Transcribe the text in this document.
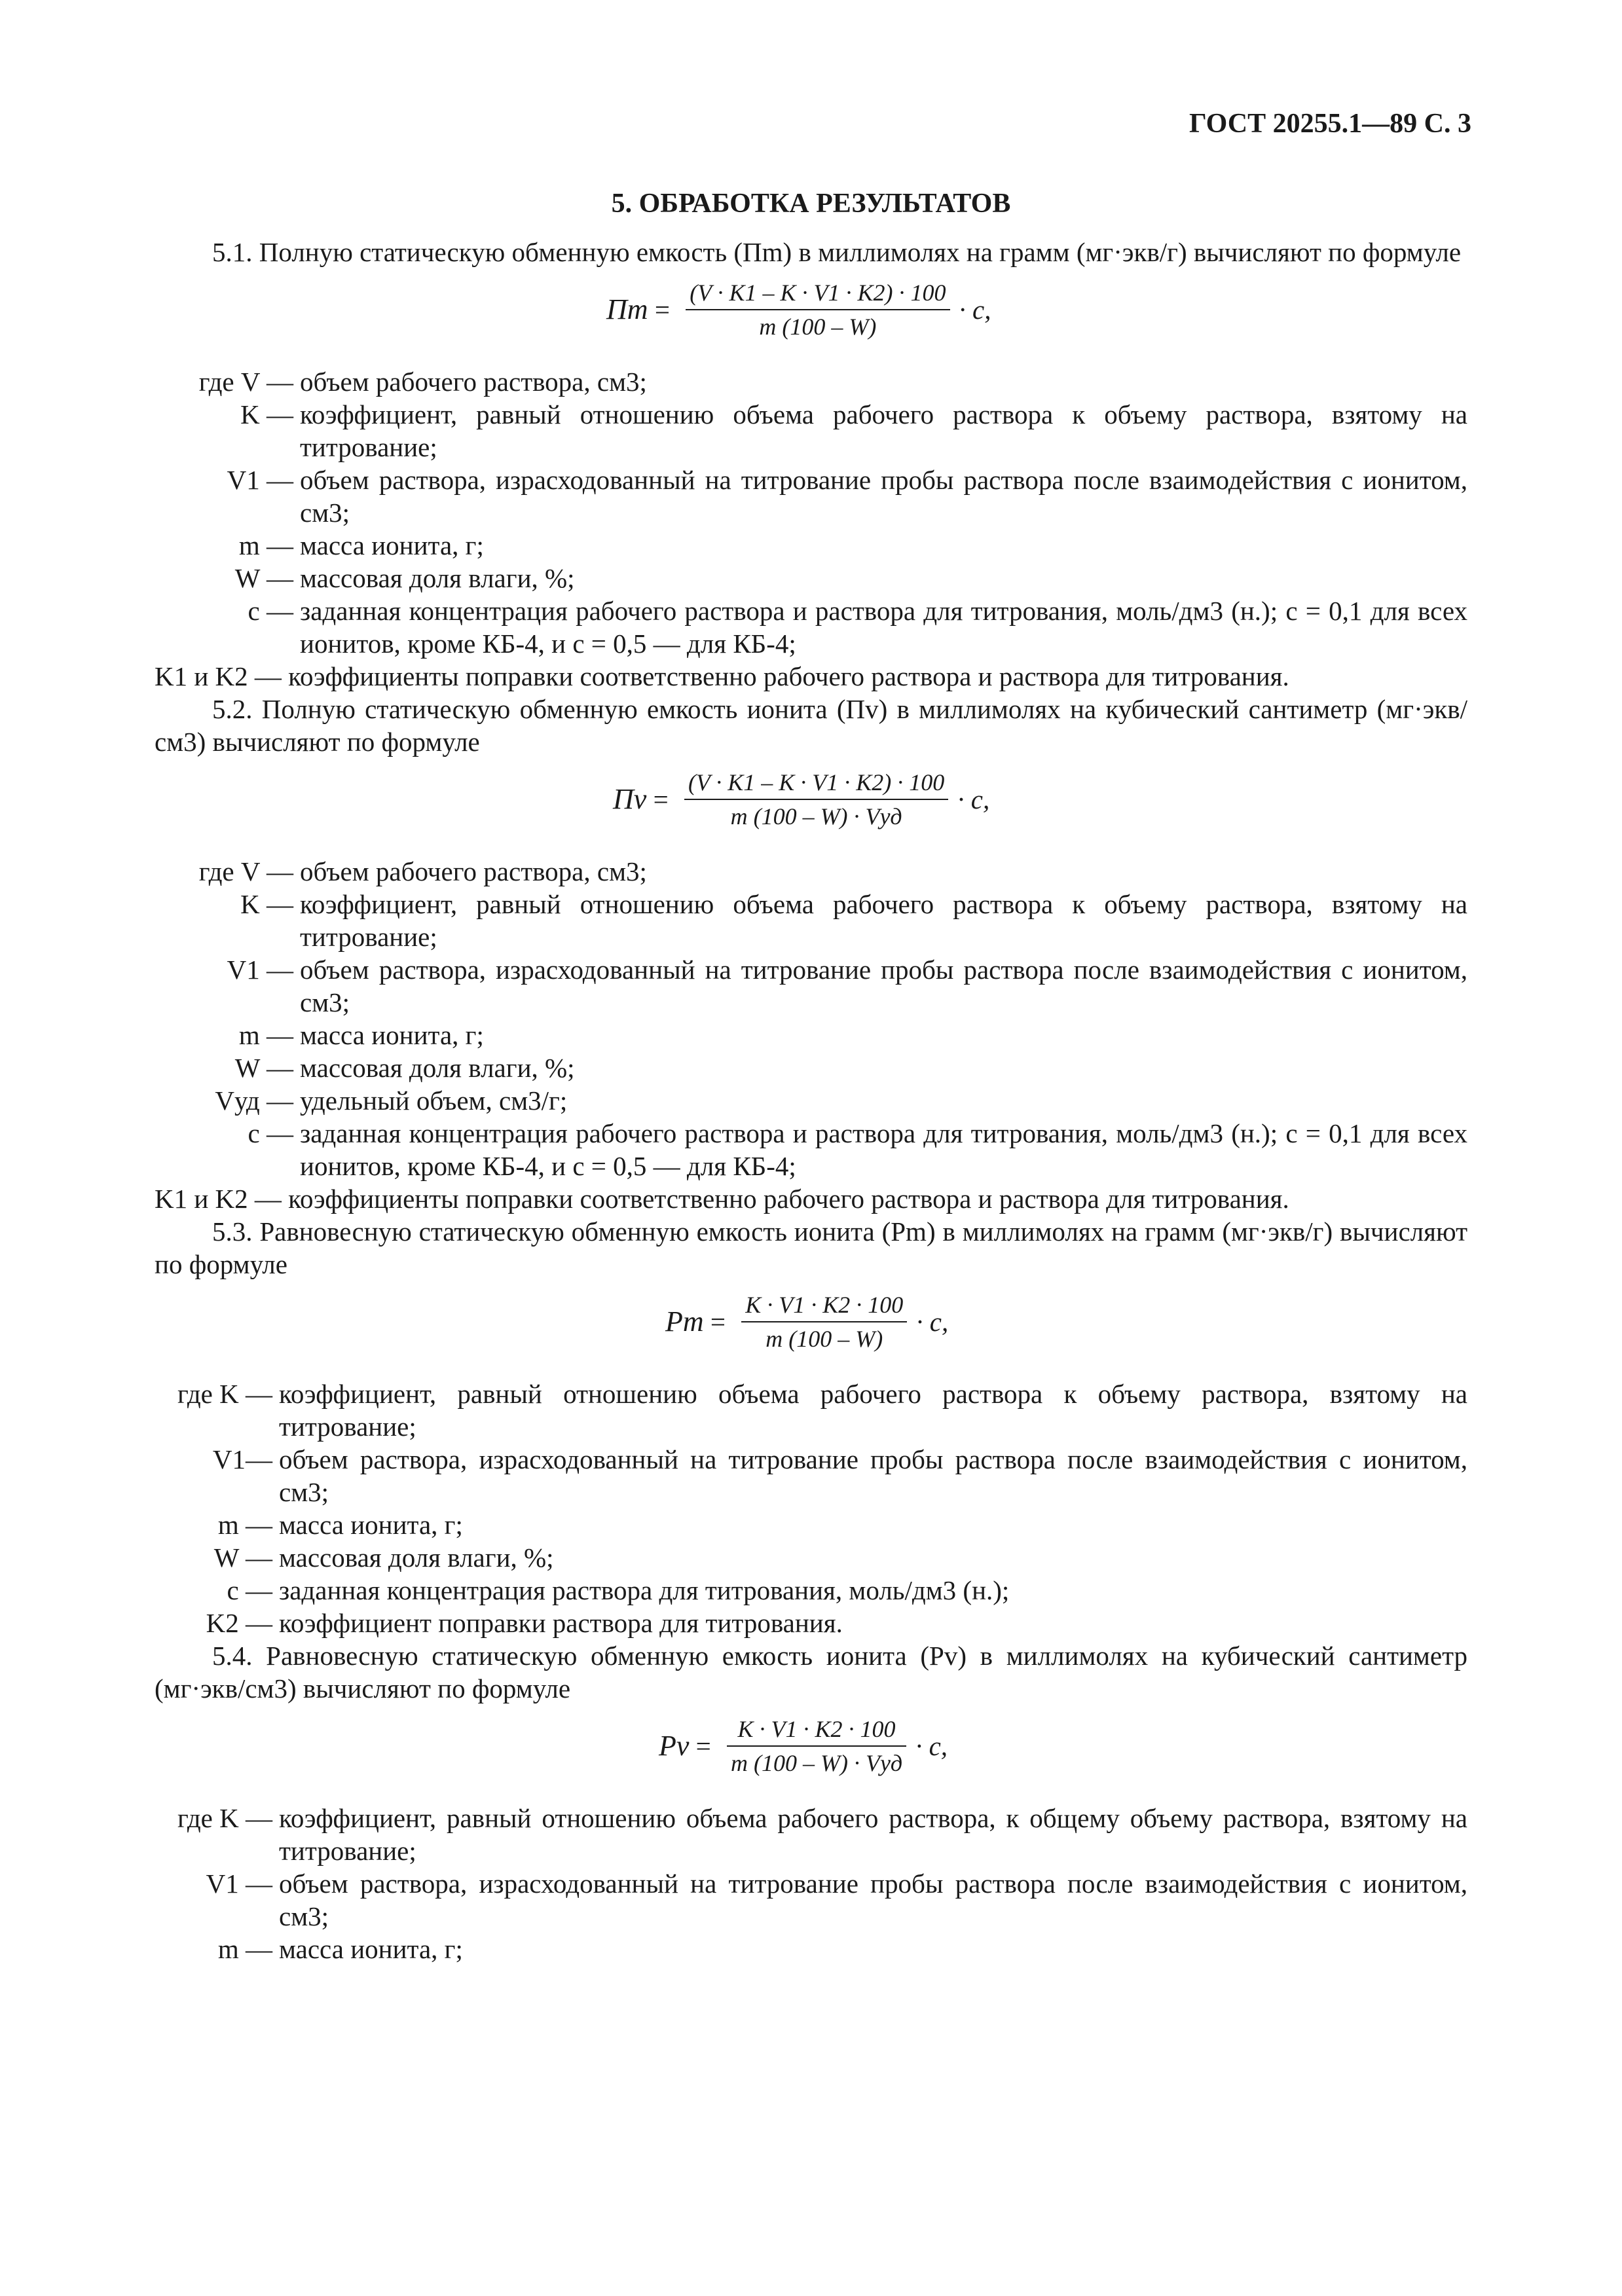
ГОСТ 20255.1—89 С. 3
5. ОБРАБОТКА РЕЗУЛЬТАТОВ

5.1. Полную статическую обменную емкость (Пm) в миллимолях на грамм (мг·экв/г) вычисляют по формуле

Пm = $\frac{(V \cdot K1 - K \cdot V1 \cdot K2) \cdot 100}{m (100 - W)} \cdot c$,
где V — объем рабочего раствора, см3;
K — коэффициент, равный отношению объема рабочего раствора к объему раствора, взятому на титрование;
V1 — объем раствора, израсходованный на титрование пробы раствора после взаимодействия с ионитом, см3;
m — масса ионита, г;
W — массовая доля влаги, %;
c — заданная концентрация рабочего раствора и раствора для титрования, моль/дм3 (н.); c = 0,1 для всех ионитов, кроме КБ-4, и c = 0,5 — для КБ-4;
K1 и K2 — коэффициенты поправки соответственно рабочего раствора и раствора для титрования.

5.2. Полную статическую обменную емкость ионита (Пv) в миллимолях на кубический сантиметр (мг·экв/см3) вычисляют по формуле

Пv = $\frac{(V \cdot K1 - K \cdot V1 \cdot K2) \cdot 100}{\text{m (100 – W) · Vуд}} \cdot c$,
где V — объем рабочего раствора, см3;
K — коэффициент, равный отношению объема рабочего раствора к объему раствора, взятому на титрование;
V1 — объем раствора, израсходованный на титрование пробы раствора после взаимодействия с ионитом, см3;
m — масса ионита, г;
W — массовая доля влаги, %;
Vуд — удельный объем, см3/г;
c — заданная концентрация рабочего раствора и раствора для титрования, моль/дм3 (н.); c = 0,1 для всех ионитов, кроме КБ-4, и c = 0,5 — для КБ-4;
K1 и K2 — коэффициенты поправки соответственно рабочего раствора и раствора для титрования.

5.3. Равновесную статическую обменную емкость ионита (Pm) в миллимолях на грамм (мг·экв/г) вычисляют по формуле

$Pm = \frac{K \cdot V1 \cdot K2 \cdot 100}{m (100 - W)} \cdot c$,
где K — коэффициент, равный отношению объема рабочего раствора к объему раствора, взятому на титрование;
V1— объем раствора, израсходованный на титрование пробы раствора после взаимодействия с ионитом, см3;
m — масса ионита, г;
W — массовая доля влаги, %;
c — заданная концентрация раствора для титрования, моль/дм3 (н.);
K2 — коэффициент поправки раствора для титрования.

5.4. Равновесную статическую обменную емкость ионита (Pv) в миллимолях на кубический сантиметр (мг·экв/см3) вычисляют по формуле

$Pv = \frac{K \cdot V1 \cdot K2 \cdot 100}{\text{m (100 – W) · Vуд}} \cdot c$,
где K — коэффициент, равный отношению объема рабочего раствора, к общему объему раствора, взятому на титрование;
V1 — объем раствора, израсходованный на титрование пробы раствора после взаимодействия с ионитом, см3;
m — масса ионита, г;
